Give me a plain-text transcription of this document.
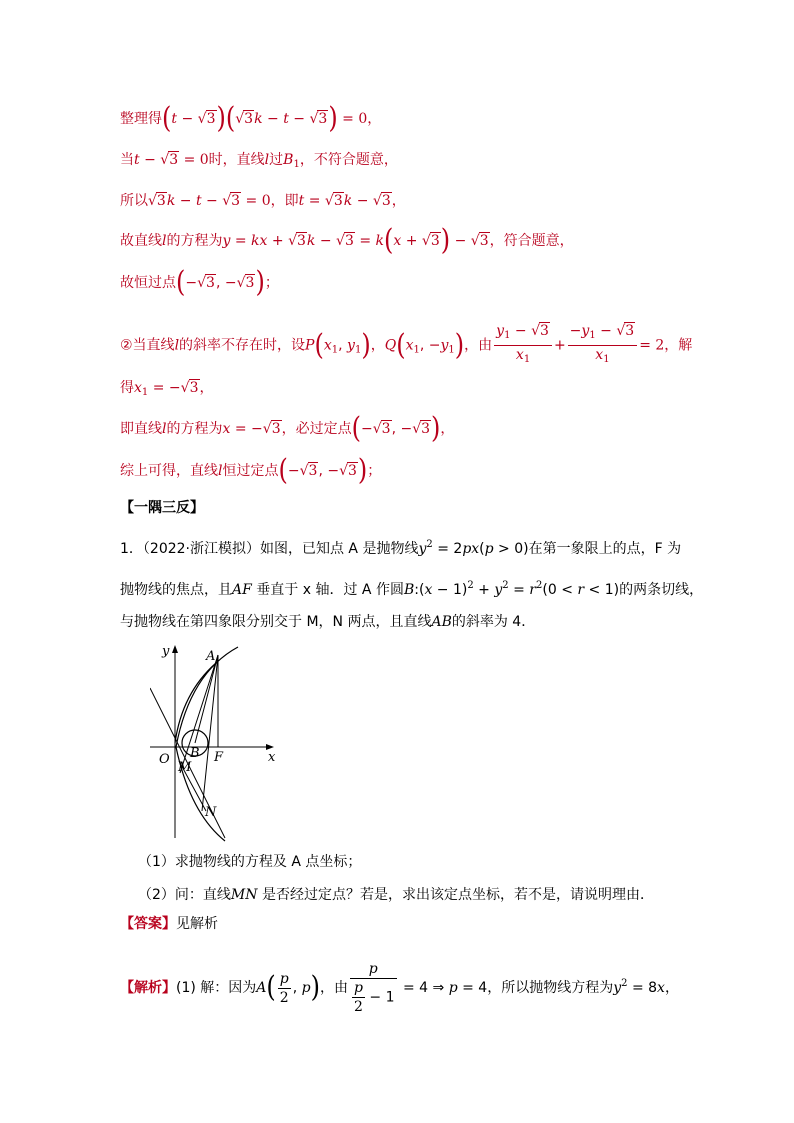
整理得(t − √3)(√3k − t − √3) = 0，
当t − √3 = 0时，直线l过$B_1$，不符合题意，
所以√3k − t − √3 = 0，即t = √3k − √3，
故直线l的方程为y = kx + √3k − √3 = k(x + √3) − √3，符合题意，
故恒过点(−√3, −√3)；
②当直线l的斜率不存在时，设$P(x_1$, $y_1$)，$Q(x_1$, $-y_1$)，由 $\frac{y_1 - √3}{x_1} + \frac{-y_1 - √3}{x_1} = 2$，解
得$x_1 = -√3$，
即直线l的方程为x = −√3，必过定点(−√3, −√3)，
综上可得，直线l恒过定点(−√3, −√3)；
【一隅三反】
1．（2022·浙江模拟）如图，已知点 A 是抛物线$y^2 = 2px(p > 0)$在第一象限上的点，F 为
抛物线的焦点，且AF 垂直于 x 轴．过 A 作圆B:(x − $1)^2 + y^2 = r^2(0 < r < 1)$的两条切线，
与抛物线在第四象限分别交于 M，N 两点，且直线AB的斜率为 4．
y
x
O
A
B F
M
N
（1）求抛物线的方程及 A 点坐标；
（2）问：直线MN 是否经过定点？若是，求出该定点坐标，若不是，请说明理由．
【答案】见解析
【解析】(1) 解：因为$A( \frac{p}{2}$ , p)，由 $\frac{p}{\frac{p}{2} - 1} = 4$ ⇒ p = 4，所以抛物线方程为$y^2 = 8x$，
